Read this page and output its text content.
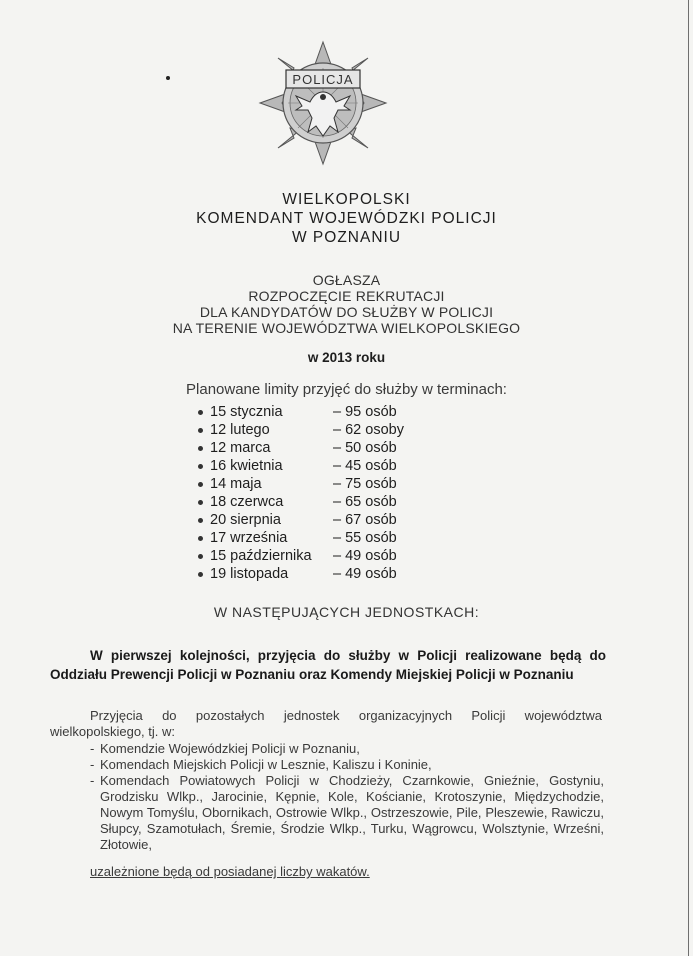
POLICJA
WIELKOPOLSKI
KOMENDANT WOJEWÓDZKI POLICJI
W POZNANIU
OGŁASZA
ROZPOCZĘCIE REKRUTACJI
DLA KANDYDATÓW DO SŁUŻBY W POLICJI
NA TERENIE WOJEWÓDZTWA WIELKOPOLSKIEGO
w 2013 roku
Planowane limity przyjęć do służby w terminach:
15 stycznia	– 95 osób
12 lutego	– 62 osoby
12 marca	– 50 osób
16 kwietnia	– 45 osób
14 maja	– 75 osób
18 czerwca	– 65 osób
20 sierpnia	– 67 osób
17 września	– 55 osób
15 października – 49 osób
19 listopada	– 49 osób
W NASTĘPUJĄCYCH JEDNOSTKACH:
W pierwszej kolejności, przyjęcia do służby w Policji realizowane będą do Oddziału Prewencji Policji w Poznaniu oraz Komendy Miejskiej Policji w Poznaniu
Przyjęcia do pozostałych jednostek organizacyjnych Policji województwa wielkopolskiego, tj. w:
- Komendzie Wojewódzkiej Policji w Poznaniu,
- Komendach Miejskich Policji w Lesznie, Kaliszu i Koninie,
- Komendach Powiatowych Policji w Chodzieży, Czarnkowie, Gnieźnie, Gostyniu, Grodzisku Wlkp., Jarocinie, Kępnie, Kole, Kościanie, Krotoszynie, Międzychodzie, Nowym Tomyślu, Obornikach, Ostrowie Wlkp., Ostrzeszowie, Pile, Pleszewie, Rawiczu, Słupcy, Szamotułach, Śremie, Środzie Wlkp., Turku, Wągrowcu, Wolsztynie, Wrześni, Złotowie,
uzależnione będą od posiadanej liczby wakatów.
